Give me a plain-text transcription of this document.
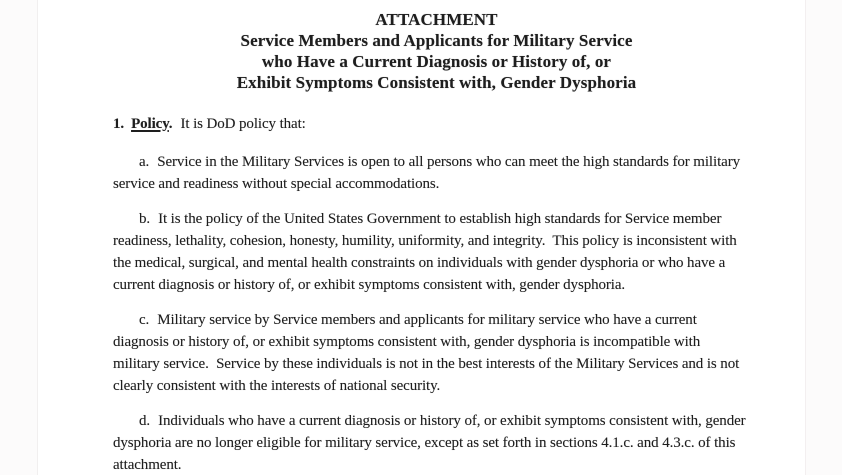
ATTACHMENT
Service Members and Applicants for Military Service
who Have a Current Diagnosis or History of, or
Exhibit Symptoms Consistent with, Gender Dysphoria

1. Policy. It is DoD policy that:

a. Service in the Military Services is open to all persons who can meet the high standards for military service and readiness without special accommodations.

b. It is the policy of the United States Government to establish high standards for Service member readiness, lethality, cohesion, honesty, humility, uniformity, and integrity.  This policy is inconsistent with the medical, surgical, and mental health constraints on individuals with gender dysphoria or who have a current diagnosis or history of, or exhibit symptoms consistent with, gender dysphoria.

c. Military service by Service members and applicants for military service who have a current diagnosis or history of, or exhibit symptoms consistent with, gender dysphoria is incompatible with military service.  Service by these individuals is not in the best interests of the Military Services and is not clearly consistent with the interests of national security.

d. Individuals who have a current diagnosis or history of, or exhibit symptoms consistent with, gender dysphoria are no longer eligible for military service, except as set forth in sections 4.1.c. and 4.3.c. of this attachment.
